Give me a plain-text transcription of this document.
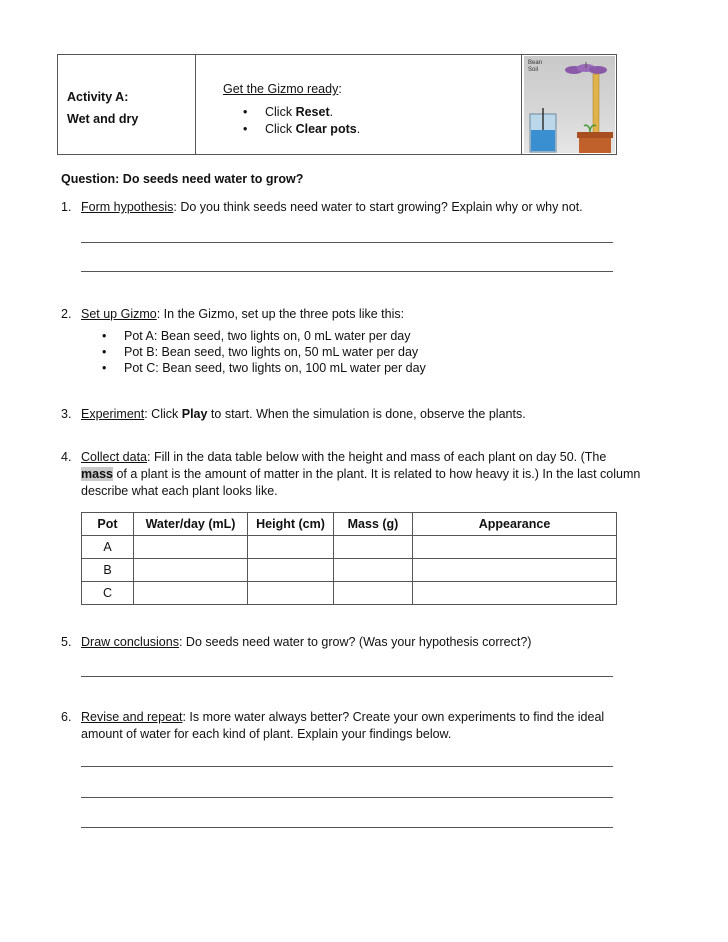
Activity A:
Wet and dry
Get the Gizmo ready:
• Click Reset.
• Click Clear pots.
Bean
Soil
Question: Do seeds need water to grow?
1. Form hypothesis: Do you think seeds need water to start growing? Explain why or why not.
2. Set up Gizmo: In the Gizmo, set up the three pots like this:
• Pot A: Bean seed, two lights on, 0 mL water per day
• Pot B: Bean seed, two lights on, 50 mL water per day
• Pot C: Bean seed, two lights on, 100 mL water per day
3. Experiment: Click Play to start. When the simulation is done, observe the plants.
4. Collect data: Fill in the data table below with the height and mass of each plant on day 50. (The
mass of a plant is the amount of matter in the plant. It is related to how heavy it is.) In the last column
describe what each plant looks like.
Pot	Water/day (mL)	Height (cm)	Mass (g)	Appearance
A				
B				
C				
5. Draw conclusions: Do seeds need water to grow? (Was your hypothesis correct?)
6. Revise and repeat: Is more water always better? Create your own experiments to find the ideal
amount of water for each kind of plant. Explain your findings below.
